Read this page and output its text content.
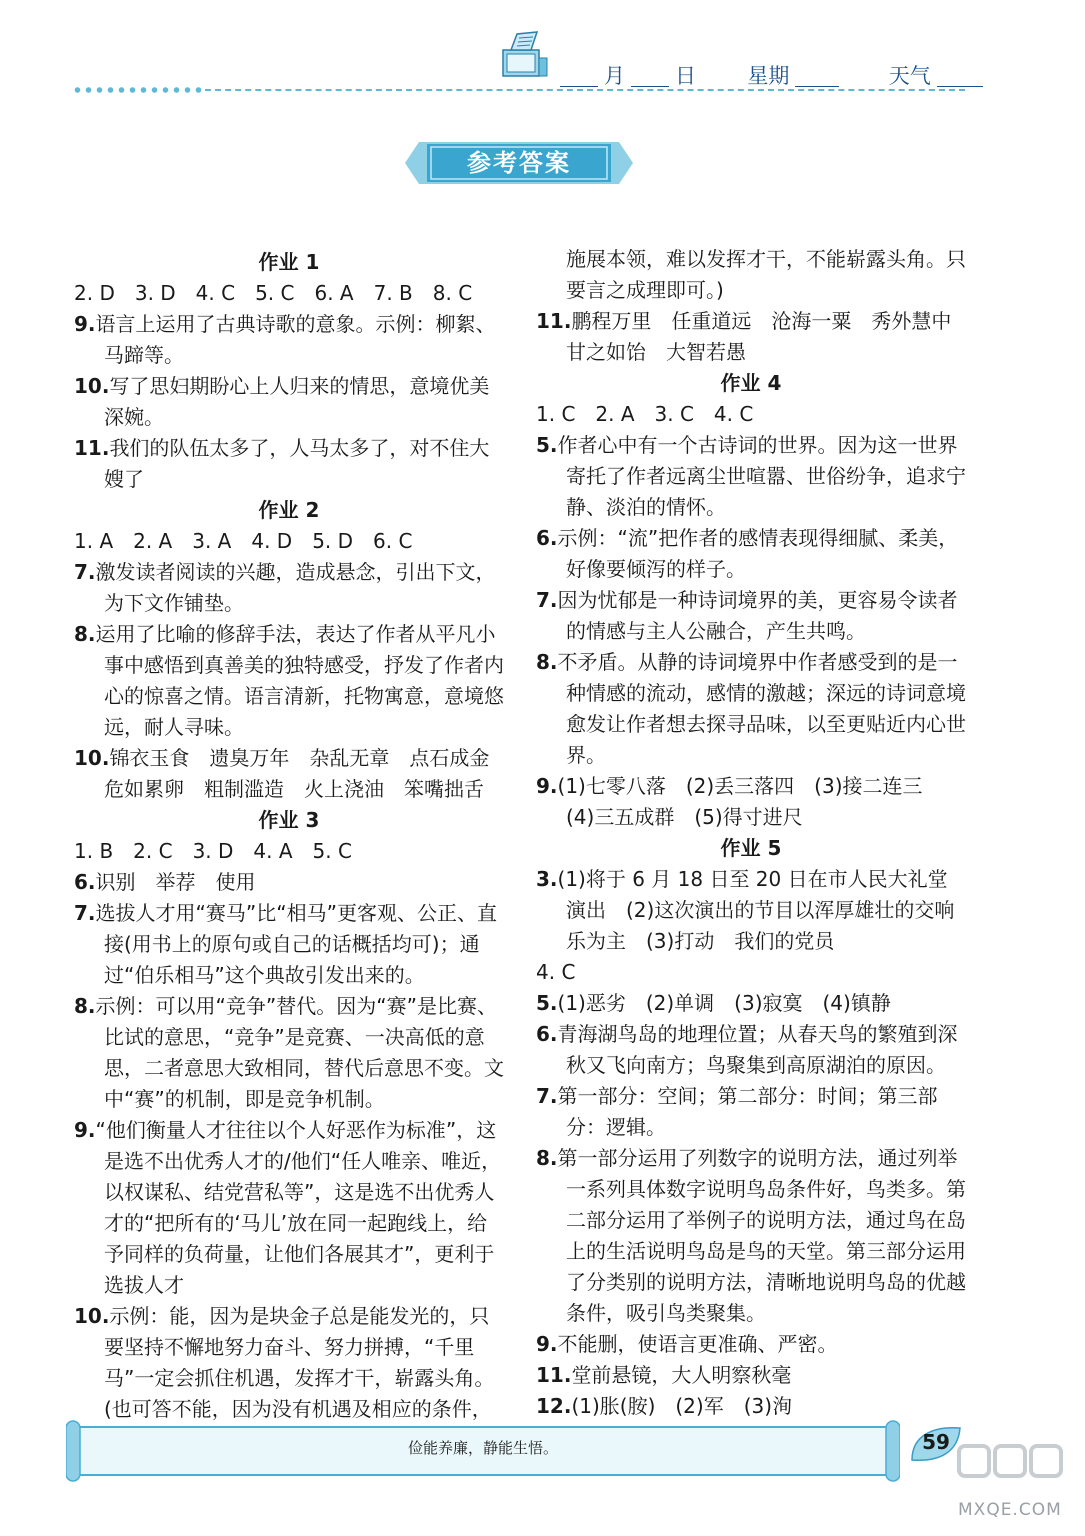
月 日 星期	天气
参考答案
作业 1
2. D　3. D　4. C　5. C　6. A　7. B　8. C
9.语言上运用了古典诗歌的意象。示例：柳絮、马蹄等。
10.写了思妇期盼心上人归来的情思，意境优美深婉。
11.我们的队伍太多了，人马太多了，对不住大嫂了
作业 2
1. A　2. A　3. A　4. D　5. D　6. C
7.激发读者阅读的兴趣，造成悬念，引出下文，为下文作铺垫。
8.运用了比喻的修辞手法，表达了作者从平凡小事中感悟到真善美的独特感受，抒发了作者内心的惊喜之情。语言清新，托物寓意，意境悠远，耐人寻味。
10.锦衣玉食　遗臭万年　杂乱无章　点石成金
危如累卵　粗制滥造　火上浇油　笨嘴拙舌
作业 3
1. B　2. C　3. D　4. A　5. C
6.识别　举荐　使用
7.选拔人才用“赛马”比“相马”更客观、公正、直接(用书上的原句或自己的话概括均可)；通过“伯乐相马”这个典故引发出来的。
8.示例：可以用“竞争”替代。因为“赛”是比赛、比试的意思，“竞争”是竞赛、一决高低的意思，二者意思大致相同，替代后意思不变。文中“赛”的机制，即是竞争机制。
9.“他们衡量人才往往以个人好恶作为标准”，这是选不出优秀人才的/他们“任人唯亲、唯近，以权谋私、结党营私等”，这是选不出优秀人才的“把所有的‘马儿’放在同一起跑线上，给予同样的负荷量，让他们各展其才”，更利于选拔人才
10.示例：能，因为是块金子总是能发光的，只要坚持不懈地努力奋斗、努力拼搏，“千里马”一定会抓住机遇，发挥才干，崭露头角。(也可答不能，因为没有机遇及相应的条件，
施展本领，难以发挥才干，不能崭露头角。只要言之成理即可。)
11.鹏程万里　任重道远　沧海一粟　秀外慧中
甘之如饴　大智若愚
作业 4
1. C　2. A　3. C　4. C
5.作者心中有一个古诗词的世界。因为这一世界寄托了作者远离尘世喧嚣、世俗纷争，追求宁静、淡泊的情怀。
6.示例：“流”把作者的感情表现得细腻、柔美，好像要倾泻的样子。
7.因为忧郁是一种诗词境界的美，更容易令读者的情感与主人公融合，产生共鸣。
8.不矛盾。从静的诗词境界中作者感受到的是一种情感的流动，感情的激越；深远的诗词意境愈发让作者想去探寻品味，以至更贴近内心世界。
9.(1)七零八落　(2)丢三落四　(3)接二连三
(4)三五成群　(5)得寸进尺
作业 5
3.(1)将于 6 月 18 日至 20 日在市人民大礼堂演出　(2)这次演出的节目以浑厚雄壮的交响乐为主　(3)打动　我们的党员
4. C
5.(1)恶劣　(2)单调　(3)寂寞　(4)镇静
6.青海湖鸟岛的地理位置；从春天鸟的繁殖到深秋又飞向南方；鸟聚集到高原湖泊的原因。
7.第一部分：空间；第二部分：时间；第三部分：逻辑。
8.第一部分运用了列数字的说明方法，通过列举一系列具体数字说明鸟岛条件好，鸟类多。第二部分运用了举例子的说明方法，通过鸟在岛上的生活说明鸟岛是鸟的天堂。第三部分运用了分类别的说明方法，清晰地说明鸟岛的优越条件，吸引鸟类聚集。
9.不能删，使语言更准确、严密。
11.堂前悬镜，大人明察秋毫
12.(1)胀(胺)　(2)军　(3)洵
俭能养廉，静能生悟。	59
MXQE.COM
